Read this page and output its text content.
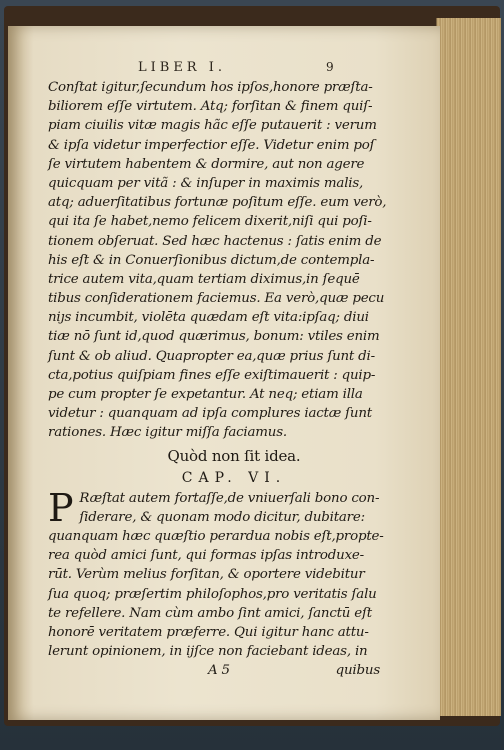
LIBER I.	9
Conſtat igitur,ſecundum hos ipſos,honore præſta-
biliorem eſſe virtutem. Atq; forſitan & finem quiſ-
piam ciuilis vitæ magis hãc eſſe putauerit : verum
& ipſa videtur imperfectior eſſe. Videtur enim poſ
ſe virtutem habentem & dormire, aut non agere
quicquam per vitã : & inſuper in maximis malis,
atq; aduerſitatibus fortunæ poſitum eſſe. eum verò,
qui ita ſe habet,nemo felicem dixerit,niſi qui poſi-
tionem obſeruat. Sed hæc hactenus : ſatis enim de
his eſt & in Conuerſionibus dictum,de contempla-
trice autem vita,quam tertiam diximus,in ſequē
tibus conſiderationem faciemus. Ea verò,quæ pecu
niȷs incumbit, violēta quædam eſt vita:ipſaq; diui
tiæ nō ſunt id,quod quærimus, bonum: vtiles enim
ſunt & ob aliud. Quapropter ea,quæ prius ſunt di-
cta,potius quiſpiam fines eſſe exiſtimauerit : quip-
pe cum propter ſe expetantur. At neq; etiam illa
videtur : quanquam ad ipſa complures iactæ ſunt
rationes. Hæc igitur miſſa faciamus.
Quòd non ſit idea.
CAP. VI.
P Ræſtat autem fortaſſe,de vniuerſali bono con-
ſiderare, & quonam modo dicitur, dubitare:
quanquam hæc quæſtio perardua nobis eſt,propte-
rea quòd amici ſunt, qui formas ipſas introduxe-
rūt. Verùm melius forſitan, & oportere videbitur
ſua quoq; præſertim philoſophos,pro veritatis ſalu
te refellere. Nam cùm ambo ſint amici, ſanctū eſt
honorē veritatem præferre. Qui igitur hanc attu-
lerunt opinionem, in ijſce non faciebant ideas, in
A 5	quibus
